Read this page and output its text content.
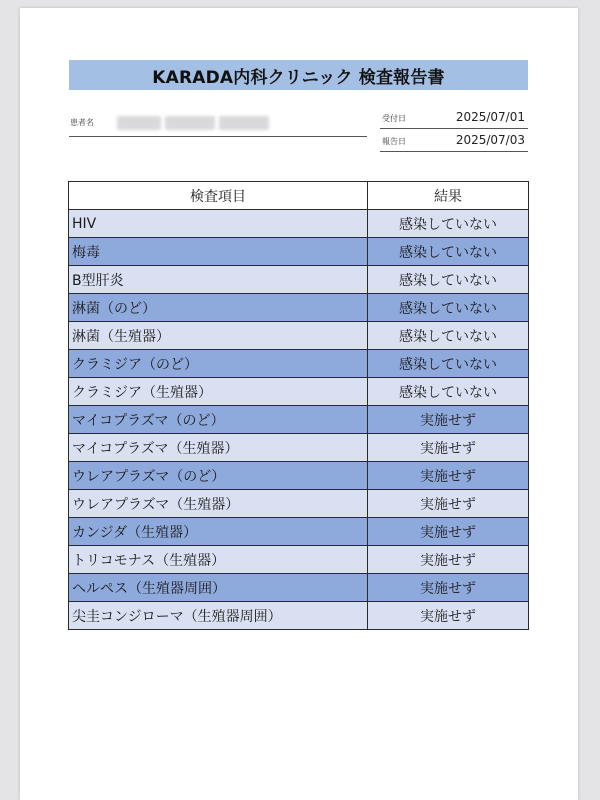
KARADA内科クリニック 検査報告書
患者名	受付日	2025/07/01
報告日	2025/07/03
検査項目	結果
HIV	感染していない
梅毒	感染していない
B型肝炎	感染していない
淋菌（のど）	感染していない
淋菌（生殖器）	感染していない
クラミジア（のど）	感染していない
クラミジア（生殖器）	感染していない
マイコプラズマ（のど）	実施せず
マイコプラズマ（生殖器）	実施せず
ウレアプラズマ（のど）	実施せず
ウレアプラズマ（生殖器）	実施せず
カンジダ（生殖器）	実施せず
トリコモナス（生殖器）	実施せず
ヘルペス（生殖器周囲）	実施せず
尖圭コンジローマ（生殖器周囲）	実施せず
